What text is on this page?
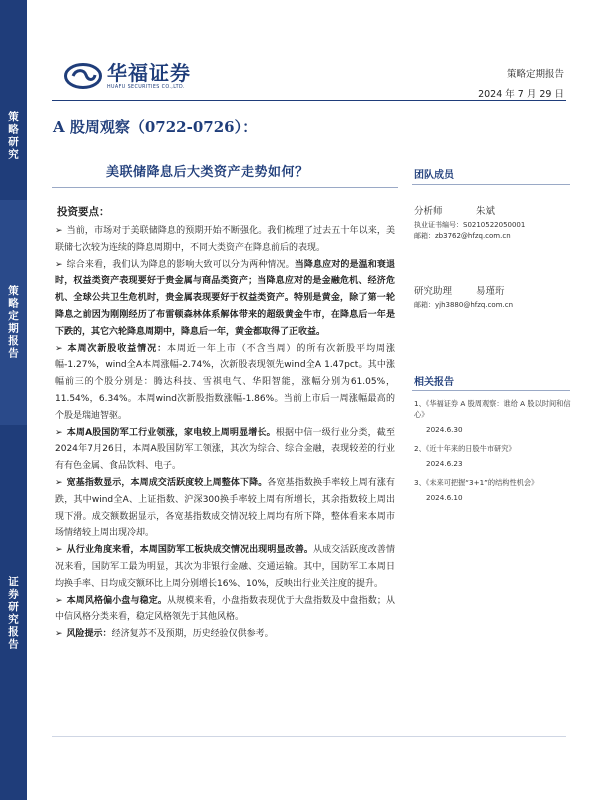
策略研究
策略定期报告
证券研究报告
华福证券
HUAFU SECURITIES CO.,LTD.
策略定期报告
2024 年 7 月 29 日
A 股周观察（0722-0726）：
美联储降息后大类资产走势如何？
投资要点：

➢ 当前，市场对于美联储降息的预期开始不断强化。我们梳理了过去五十年以来，美联储七次较为连续的降息周期中，不同大类资产在降息前后的表现。

➢ 综合来看，我们认为降息的影响大致可以分为两种情况。当降息应对的是温和衰退时，权益类资产表现要好于贵金属与商品类资产；当降息应对的是金融危机、经济危机、全球公共卫生危机时，贵金属表现要好于权益类资产。特别是黄金，除了第一轮降息之前因为刚刚经历了布雷顿森林体系解体带来的超级黄金牛市，在降息后一年是下跌的，其它六轮降息周期中，降息后一年，黄金都取得了正收益。

➢ 本周次新股收益情况：本周近一年上市（不含当周）的所有次新股平均周涨幅-1.27%，wind全A本周涨幅-2.74%，次新股表现领先wind全A 1.47pct。其中涨幅前三的个股分别是：腾达科技、雪祺电气、华阳智能，涨幅分别为61.05%，11.54%，6.34%。本周wind次新股指数涨幅-1.86%。当前上市后一周涨幅最高的个股是瑞迪智驱。

➢ 本周A股国防军工行业领涨，家电较上周明显增长。根据中信一级行业分类，截至2024年7月26日，本周A股国防军工领涨，其次为综合、综合金融，表现较差的行业有有色金属、食品饮料、电子。

➢ 宽基指数显示，本周成交活跃度较上周整体下降。各宽基指数换手率较上周有涨有跌，其中wind全A、上证指数、沪深300换手率较上周有所增长，其余指数较上周出现下滑。成交额数据显示，各宽基指数成交情况较上周均有所下降，整体看来本周市场情绪较上周出现冷却。

➢ 从行业角度来看，本周国防军工板块成交情况出现明显改善。从成交活跃度改善情况来看，国防军工最为明显，其次为非银行金融、交通运输。其中，国防军工本周日均换手率、日均成交额环比上周分别增长16%、10%，反映出行业关注度的提升。

➢ 本周风格偏小盘与稳定。从规模来看，小盘指数表现优于大盘指数及中盘指数；从中信风格分类来看，稳定风格领先于其他风格。

➢ 风险提示：经济复苏不及预期，历史经验仅供参考。

团队成员
分析师	朱斌
执业证书编号：S0210522050001
邮箱：zb3762@hfzq.com.cn
研究助理	易瑾珩
邮箱：yjh3880@hfzq.com.cn
相关报告
1、《华福证券 A 股周观察：谁给 A 股以时间和信心》
2024.6.30
2、《近十年来的日股牛市研究》
2024.6.23
3、《未来可把握“3+1”的结构性机会》
2024.6.10
